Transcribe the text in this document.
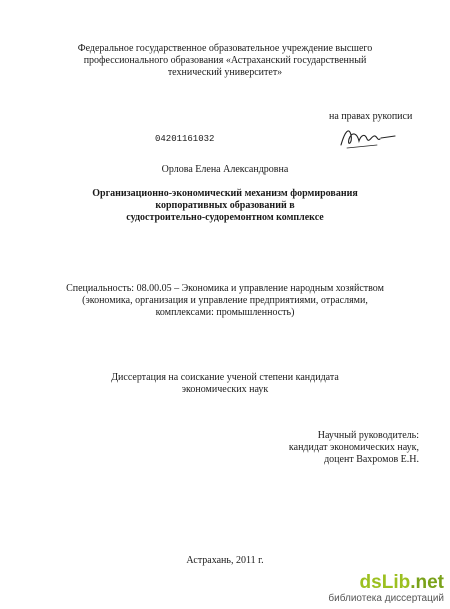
Федеральное государственное образовательное учреждение высшего
профессионального образования «Астраханский государственный
технический университет»
на правах рукописи
04201161032
Орлова Елена Александровна
Организационно-экономический механизм формирования
корпоративных образований в
судостроительно-судоремонтном комплексе
Специальность: 08.00.05 – Экономика и управление народным хозяйством
(экономика, организация и управление предприятиями, отраслями,
комплексами: промышленность)
Диссертация на соискание ученой степени кандидата
экономических наук
Научный руководитель:
кандидат экономических наук,
доцент Вахромов Е.Н.
Астрахань, 2011 г.
dsLib.net
библиотека диссертаций
